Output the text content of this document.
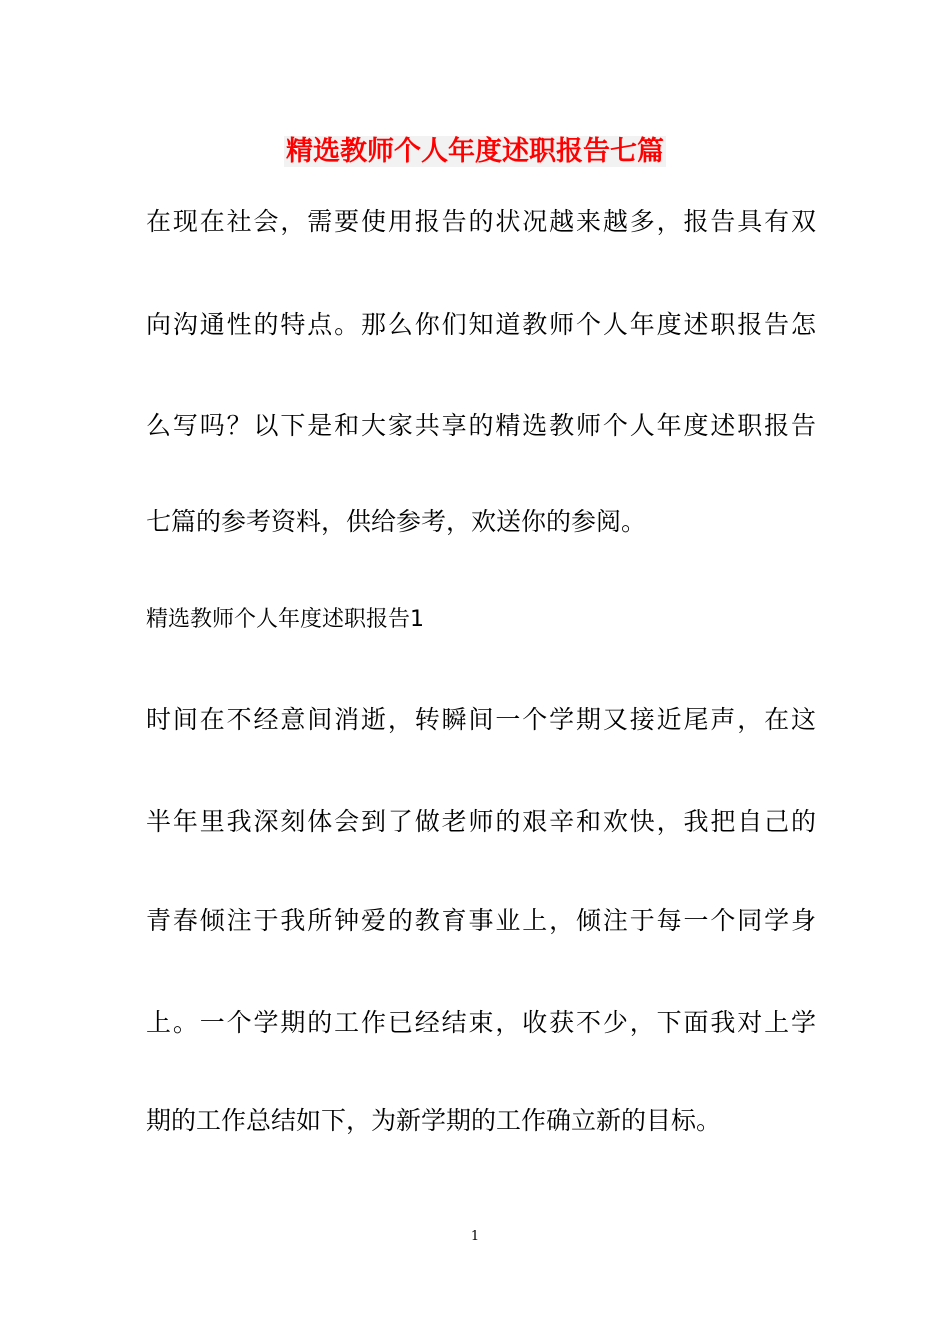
精选教师个人年度述职报告七篇
在现在社会，需要使用报告的状况越来越多，报告具有双
向沟通性的特点。那么你们知道教师个人年度述职报告怎
么写吗？以下是和大家共享的精选教师个人年度述职报告
七篇的参考资料，供给参考，欢送你的参阅。
精选教师个人年度述职报告1
时间在不经意间消逝，转瞬间一个学期又接近尾声，在这
半年里我深刻体会到了做老师的艰辛和欢快，我把自己的
青春倾注于我所钟爱的教育事业上，倾注于每一个同学身
上。一个学期的工作已经结束，收获不少，下面我对上学
期的工作总结如下，为新学期的工作确立新的目标。
1
